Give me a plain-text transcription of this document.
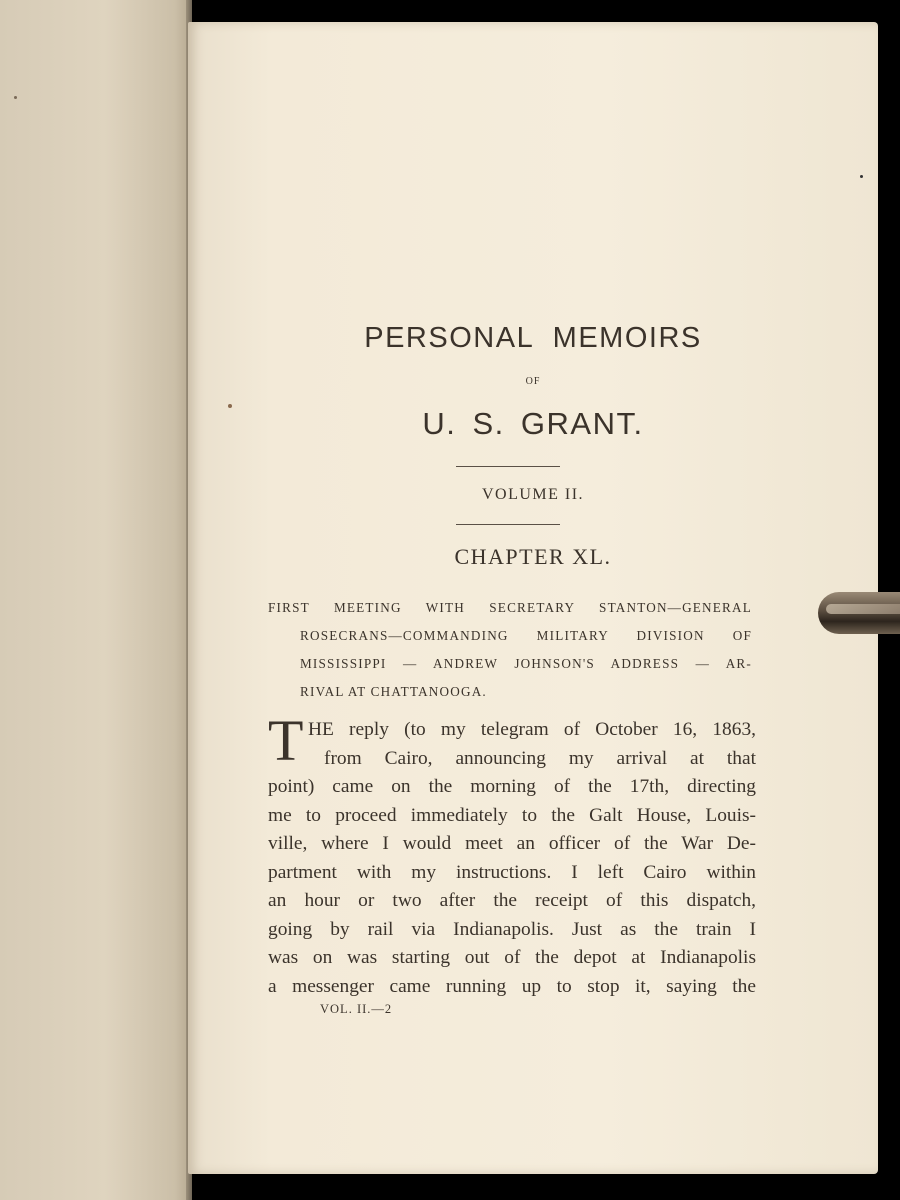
PERSONAL MEMOIRS
OF
U. S. GRANT.
VOLUME II.
CHAPTER XL.
FIRST MEETING WITH SECRETARY STANTON—GENERAL
ROSECRANS—COMMANDING MILITARY DIVISION OF
MISSISSIPPI — ANDREW JOHNSON'S ADDRESS — AR-
RIVAL AT CHATTANOOGA.
T HE reply (to my telegram of October 16, 1863,
from Cairo, announcing my arrival at that
point) came on the morning of the 17th, directing
me to proceed immediately to the Galt House, Louis-
ville, where I would meet an officer of the War De-
partment with my instructions. I left Cairo within
an hour or two after the receipt of this dispatch,
going by rail via Indianapolis. Just as the train I
was on was starting out of the depot at Indianapolis
a messenger came running up to stop it, saying the
VOL. II.—2
